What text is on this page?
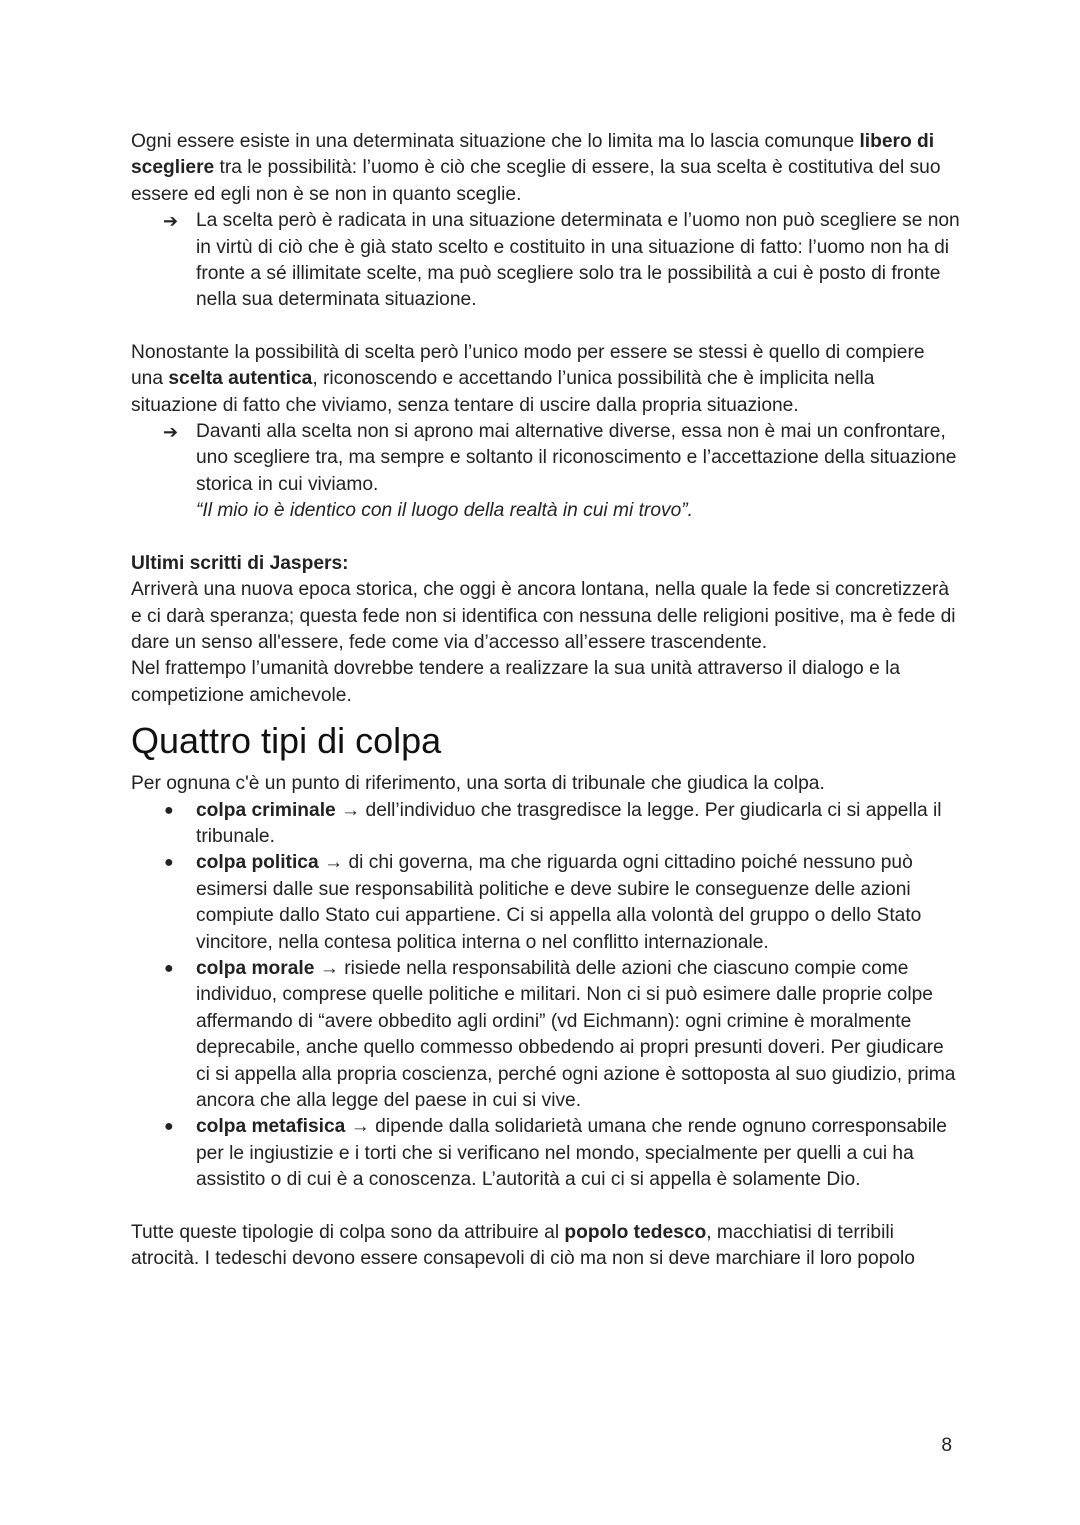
Ogni essere esiste in una determinata situazione che lo limita ma lo lascia comunque libero di scegliere tra le possibilità: l’uomo è ciò che sceglie di essere, la sua scelta è costitutiva del suo essere ed egli non è se non in quanto sceglie.

➔ La scelta però è radicata in una situazione determinata e l’uomo non può scegliere se non in virtù di ciò che è già stato scelto e costituito in una situazione di fatto: l’uomo non ha di fronte a sé illimitate scelte, ma può scegliere solo tra le possibilità a cui è posto di fronte nella sua determinata situazione.

Nonostante la possibilità di scelta però l’unico modo per essere se stessi è quello di compiere una scelta autentica, riconoscendo e accettando l’unica possibilità che è implicita nella situazione di fatto che viviamo, senza tentare di uscire dalla propria situazione.

➔ Davanti alla scelta non si aprono mai alternative diverse, essa non è mai un confrontare, uno scegliere tra, ma sempre e soltanto il riconoscimento e l’accettazione della situazione storica in cui viviamo.
“Il mio io è identico con il luogo della realtà in cui mi trovo”.

Ultimi scritti di Jaspers:

Arriverà una nuova epoca storica, che oggi è ancora lontana, nella quale la fede si concretizzerà e ci darà speranza; questa fede non si identifica con nessuna delle religioni positive, ma è fede di dare un senso all'essere, fede come via d’accesso all’essere trascendente.

Nel frattempo l’umanità dovrebbe tendere a realizzare la sua unità attraverso il dialogo e la competizione amichevole.

Quattro tipi di colpa

Per ognuna c'è un punto di riferimento, una sorta di tribunale che giudica la colpa.

● colpa criminale → dell’individuo che trasgredisce la legge. Per giudicarla ci si appella il tribunale.
● colpa politica → di chi governa, ma che riguarda ogni cittadino poiché nessuno può esimersi dalle sue responsabilità politiche e deve subire le conseguenze delle azioni compiute dallo Stato cui appartiene. Ci si appella alla volontà del gruppo o dello Stato vincitore, nella contesa politica interna o nel conflitto internazionale.
● colpa morale → risiede nella responsabilità delle azioni che ciascuno compie come individuo, comprese quelle politiche e militari. Non ci si può esimere dalle proprie colpe affermando di “avere obbedito agli ordini” (vd Eichmann): ogni crimine è moralmente deprecabile, anche quello commesso obbedendo ai propri presunti doveri. Per giudicare ci si appella alla propria coscienza, perché ogni azione è sottoposta al suo giudizio, prima ancora che alla legge del paese in cui si vive.
● colpa metafisica → dipende dalla solidarietà umana che rende ognuno corresponsabile per le ingiustizie e i torti che si verificano nel mondo, specialmente per quelli a cui ha assistito o di cui è a conoscenza. L’autorità a cui ci si appella è solamente Dio.

Tutte queste tipologie di colpa sono da attribuire al popolo tedesco, macchiatisi di terribili atrocità. I tedeschi devono essere consapevoli di ciò ma non si deve marchiare il loro popolo

8
